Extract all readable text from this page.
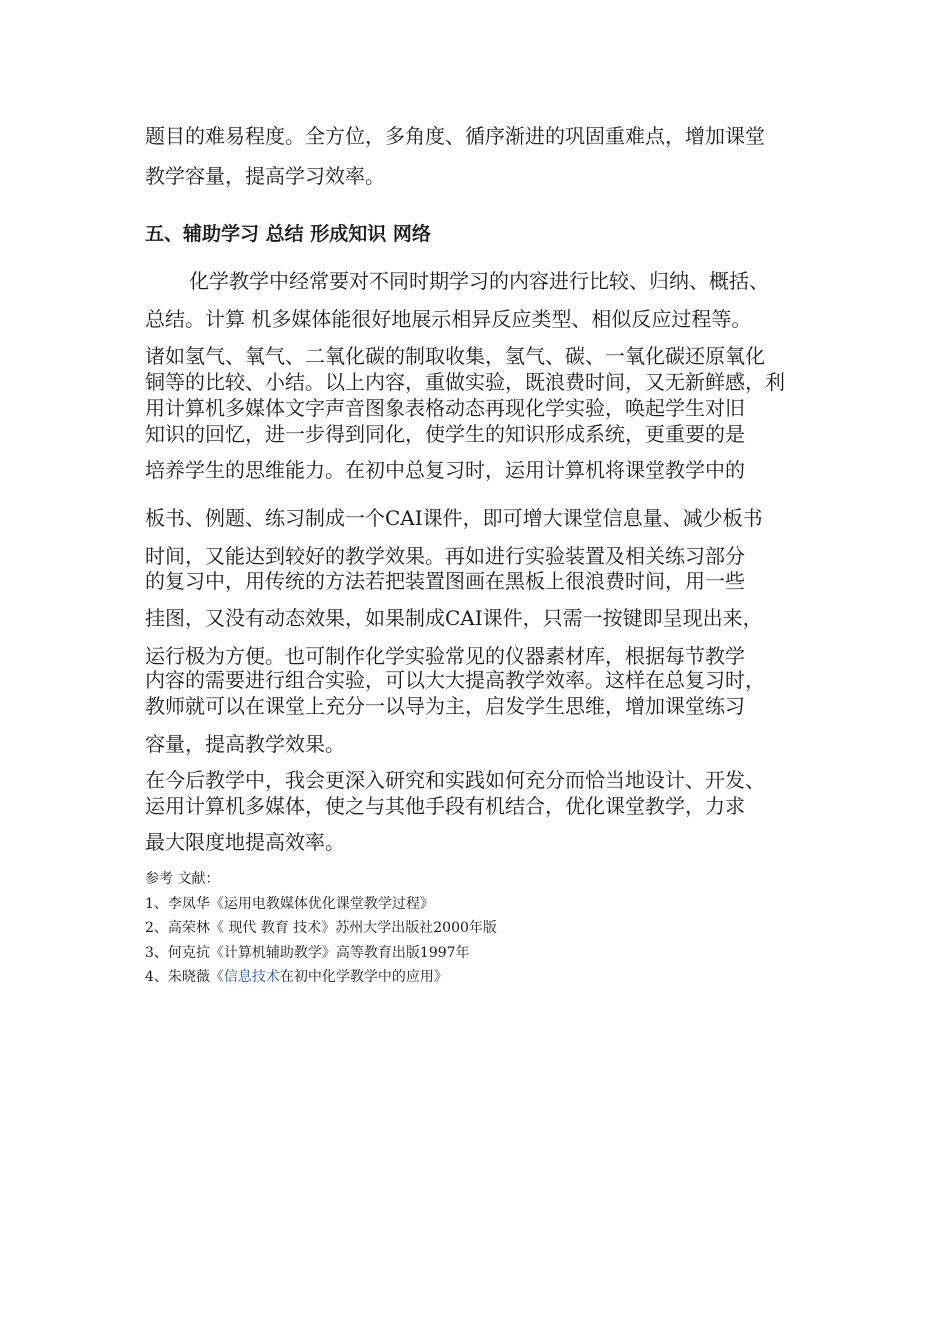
题目的难易程度。全方位，多角度、循序渐进的巩固重难点，增加课堂
教学容量，提高学习效率。
五、辅助学习 总结 形成知识 网络
化学教学中经常要对不同时期学习的内容进行比较、归纳、概括、
总结。计算 机多媒体能很好地展示相异反应类型、相似反应过程等。
诸如氢气、氧气、二氧化碳的制取收集，氢气、碳、一氧化碳还原氧化
铜等的比较、小结。以上内容，重做实验，既浪费时间，又无新鲜感，利
用计算机多媒体文字声音图象表格动态再现化学实验，唤起学生对旧
知识的回忆，进一步得到同化，使学生的知识形成系统，更重要的是
培养学生的思维能力。在初中总复习时，运用计算机将课堂教学中的
板书、例题、练习制成一个CAI课件，即可增大课堂信息量、减少板书
时间，又能达到较好的教学效果。再如进行实验装置及相关练习部分
的复习中，用传统的方法若把装置图画在黑板上很浪费时间，用一些
挂图，又没有动态效果，如果制成CAI课件，只需一按键即呈现出来，
运行极为方便。也可制作化学实验常见的仪器素材库，根据每节教学
内容的需要进行组合实验，可以大大提高教学效率。这样在总复习时，
教师就可以在课堂上充分一以导为主，启发学生思维，增加课堂练习
容量，提高教学效果。
在今后教学中，我会更深入研究和实践如何充分而恰当地设计、开发、
运用计算机多媒体，使之与其他手段有机结合，优化课堂教学，力求
最大限度地提高效率。
参考 文献：
1、李凤华《运用电教媒体优化课堂教学过程》
2、高荣林《 现代 教育 技术》苏州大学出版社2000年版
3、何克抗《计算机辅助教学》高等教育出版1997年
4、朱晓薇《信息技术在初中化学教学中的应用》
